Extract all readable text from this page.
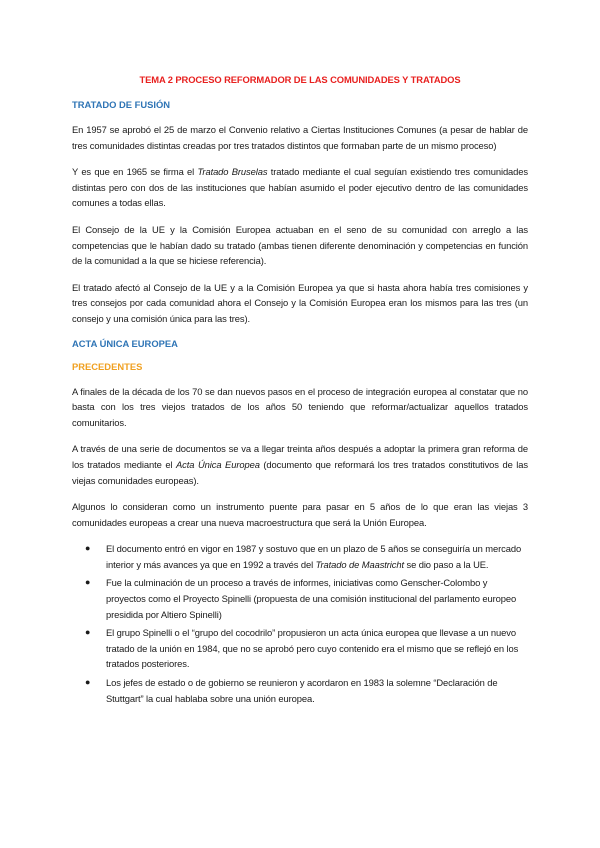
TEMA 2 PROCESO REFORMADOR DE LAS COMUNIDADES Y TRATADOS
TRATADO DE FUSIÓN

En 1957 se aprobó el 25 de marzo el Convenio relativo a Ciertas Instituciones Comunes (a pesar de hablar de tres comunidades distintas creadas por tres tratados distintos que formaban parte de un mismo proceso)

Y es que en 1965 se firma el Tratado Bruselas tratado mediante el cual seguían existiendo tres comunidades distintas pero con dos de las instituciones que habían asumido el poder ejecutivo dentro de las comunidades comunes a todas ellas.

El Consejo de la UE y la Comisión Europea actuaban en el seno de su comunidad con arreglo a las competencias que le habían dado su tratado (ambas tienen diferente denominación y competencias en función de la comunidad a la que se hiciese referencia).

El tratado afectó al Consejo de la UE y a la Comisión Europea ya que si hasta ahora había tres comisiones y tres consejos por cada comunidad ahora el Consejo y la Comisión Europea eran los mismos para las tres (un consejo y una comisión única para las tres).

ACTA ÚNICA EUROPEA
PRECEDENTES

A finales de la década de los 70 se dan nuevos pasos en el proceso de integración europea al constatar que no basta con los tres viejos tratados de los años 50 teniendo que reformar/actualizar aquellos tratados comunitarios.

A través de una serie de documentos se va a llegar treinta años después a adoptar la primera gran reforma de los tratados mediante el Acta Única Europea (documento que reformará los tres tratados constitutivos de las viejas comunidades europeas).

Algunos lo consideran como un instrumento puente para pasar en 5 años de lo que eran las viejas 3 comunidades europeas a crear una nueva macroestructura que será la Unión Europea.

● El documento entró en vigor en 1987 y sostuvo que en un plazo de 5 años se conseguiría un mercado interior y más avances ya que en 1992 a través del Tratado de Maastricht se dio paso a la UE.
● Fue la culminación de un proceso a través de informes, iniciativas como Genscher-Colombo y proyectos como el Proyecto Spinelli (propuesta de una comisión institucional del parlamento europeo presidida por Altiero Spinelli)
● El grupo Spinelli o el “grupo del cocodrilo” propusieron un acta única europea que llevase a un nuevo tratado de la unión en 1984, que no se aprobó pero cuyo contenido era el mismo que se reflejó en los tratados posteriores.
● Los jefes de estado o de gobierno se reunieron y acordaron en 1983 la solemne “Declaración de Stuttgart” la cual hablaba sobre una unión europea.
